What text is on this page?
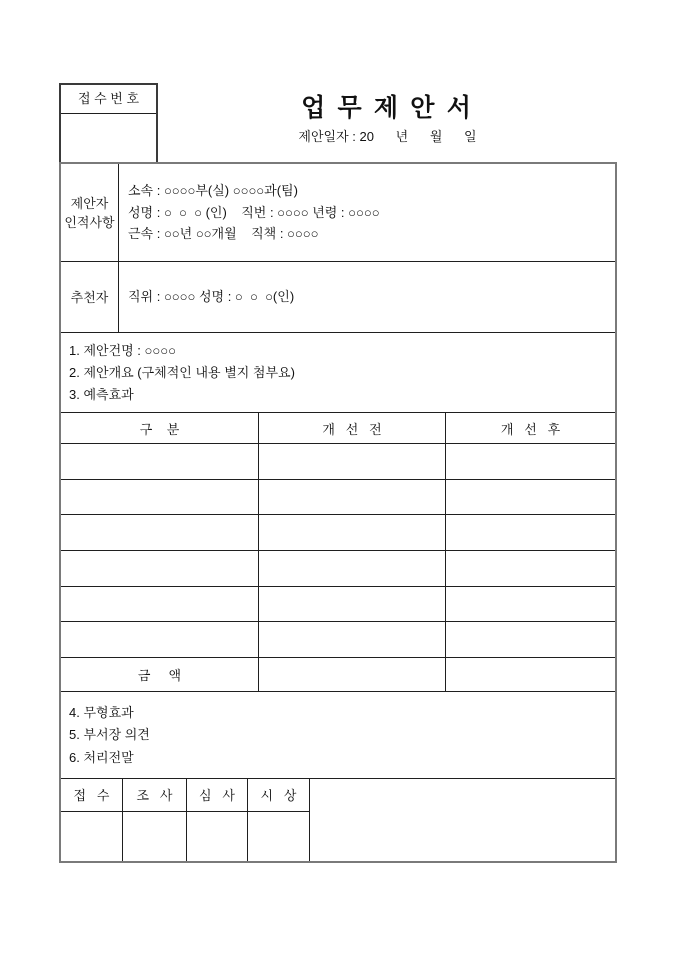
접 수 번 호	업 무 제 안 서
제안일자 : 20      년      월      일
제안자
인적사항
소속 : ○○○○부(실) ○○○○과(팀)
성명 : ○  ○  ○ (인)    직번 : ○○○○ 년령 : ○○○○
근속 : ○○년 ○○개월    직책 : ○○○○
추천자	직위 : ○○○○ 성명 : ○  ○  ○(인)
1. 제안건명 : ○○○○
2. 제안개요 (구체적인 내용 별지 첨부요)
3. 예측효과
구    분	개   선   전	개   선   후
금     액
4. 무형효과
5. 부서장 의견
6. 처리전말
접   수	조   사	심   사	시   상
